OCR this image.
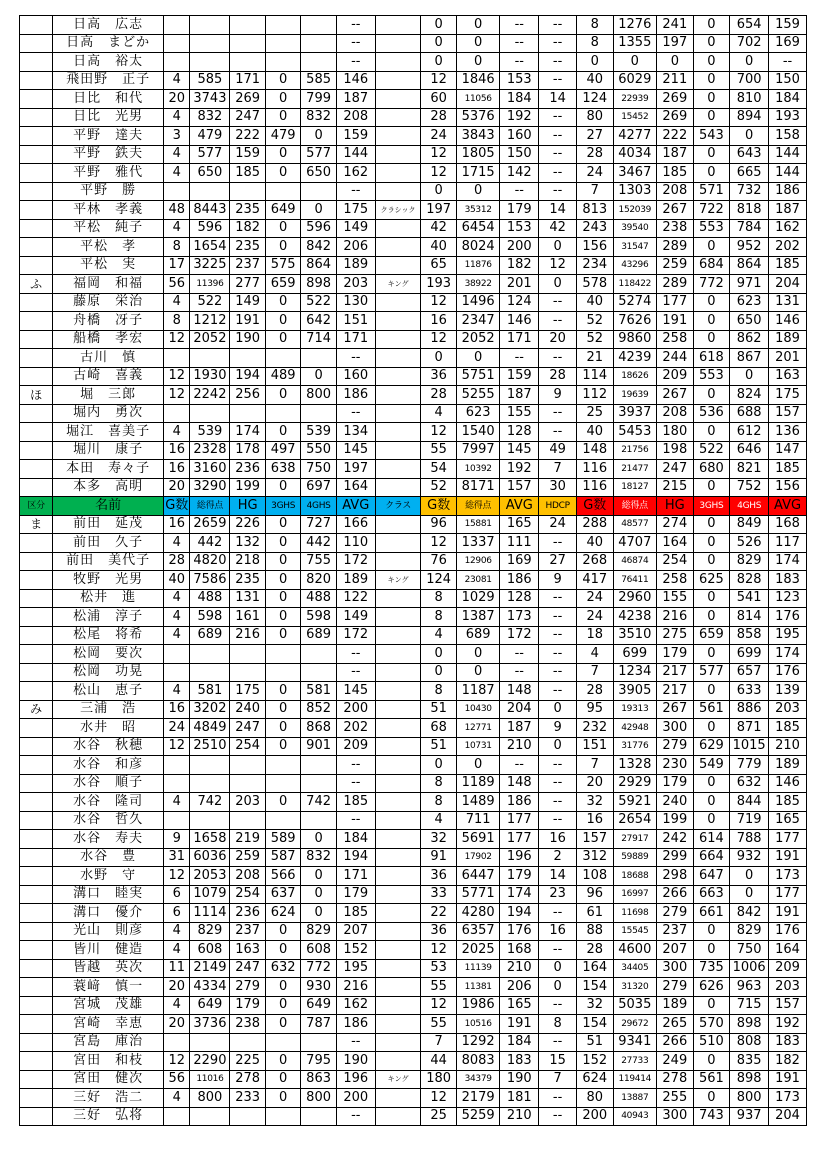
	日高　広志						--		0	0	--	--	8	1276	241	0	654	159
	日高　まどか						--		0	0	--	--	8	1355	197	0	702	169
	日高　裕太						--		0	0	--	--	0	0	0	0	0	--
	飛田野　正子	4	585	171	0	585	146		12	1846	153	--	40	6029	211	0	700	150
	日比　和代	20	3743	269	0	799	187		60	11056	184	14	124	22939	269	0	810	184
	日比　光男	4	832	247	0	832	208		28	5376	192	--	80	15452	269	0	894	193
	平野　達夫	3	479	222	479	0	159		24	3843	160	--	27	4277	222	543	0	158
	平野　鉄夫	4	577	159	0	577	144		12	1805	150	--	28	4034	187	0	643	144
	平野　雅代	4	650	185	0	650	162		12	1715	142	--	24	3467	185	0	665	144
	平野　勝						--		0	0	--	--	7	1303	208	571	732	186
	平林　孝義	48	8443	235	649	0	175	クラシック	197	35312	179	14	813	152039	267	722	818	187
	平松　純子	4	596	182	0	596	149		42	6454	153	42	243	39540	238	553	784	162
	平松　孝	8	1654	235	0	842	206		40	8024	200	0	156	31547	289	0	952	202
	平松　実	17	3225	237	575	864	189		65	11876	182	12	234	43296	259	684	864	185
ふ	福岡　和福	56	11396	277	659	898	203	キング	193	38922	201	0	578	118422	289	772	971	204
	藤原　栄治	4	522	149	0	522	130		12	1496	124	--	40	5274	177	0	623	131
	舟橋　冴子	8	1212	191	0	642	151		16	2347	146	--	52	7626	191	0	650	146
	船橋　孝宏	12	2052	190	0	714	171		12	2052	171	20	52	9860	258	0	862	189
	古川　慎						--		0	0	--	--	21	4239	244	618	867	201
	古崎　喜義	12	1930	194	489	0	160		36	5751	159	28	114	18626	209	553	0	163
ほ	堀　三郎	12	2242	256	0	800	186		28	5255	187	9	112	19639	267	0	824	175
	堀内　勇次						--		4	623	155	--	25	3937	208	536	688	157
	堀江　喜美子	4	539	174	0	539	134		12	1540	128	--	40	5453	180	0	612	136
	堀川　康子	16	2328	178	497	550	145		55	7997	145	49	148	21756	198	522	646	147
	本田　寿々子	16	3160	236	638	750	197		54	10392	192	7	116	21477	247	680	821	185
	本多　高明	20	3290	199	0	697	164		52	8171	157	30	116	18127	215	0	752	156
区分	名前	G数	総得点	HG	3GHS	4GHS	AVG	クラス	G数	総得点	AVG	HDCP	G数	総得点	HG	3GHS	4GHS	AVG
ま	前田　延茂	16	2659	226	0	727	166		96	15881	165	24	288	48577	274	0	849	168
	前田　久子	4	442	132	0	442	110		12	1337	111	--	40	4707	164	0	526	117
	前田　美代子	28	4820	218	0	755	172		76	12906	169	27	268	46874	254	0	829	174
	牧野　光男	40	7586	235	0	820	189	キング	124	23081	186	9	417	76411	258	625	828	183
	松井　進	4	488	131	0	488	122		8	1029	128	--	24	2960	155	0	541	123
	松浦　淳子	4	598	161	0	598	149		8	1387	173	--	24	4238	216	0	814	176
	松尾　将希	4	689	216	0	689	172		4	689	172	--	18	3510	275	659	858	195
	松岡　要次						--		0	0	--	--	4	699	179	0	699	174
	松岡　功晃						--		0	0	--	--	7	1234	217	577	657	176
	松山　恵子	4	581	175	0	581	145		8	1187	148	--	28	3905	217	0	633	139
み	三浦　浩	16	3202	240	0	852	200		51	10430	204	0	95	19313	267	561	886	203
	水井　昭	24	4849	247	0	868	202		68	12771	187	9	232	42948	300	0	871	185
	水谷　秋穂	12	2510	254	0	901	209		51	10731	210	0	151	31776	279	629	1015	210
	水谷　和彦						--		0	0	--	--	7	1328	230	549	779	189
	水谷　順子						--		8	1189	148	--	20	2929	179	0	632	146
	水谷　隆司	4	742	203	0	742	185		8	1489	186	--	32	5921	240	0	844	185
	水谷　哲久						--		4	711	177	--	16	2654	199	0	719	165
	水谷　寿夫	9	1658	219	589	0	184		32	5691	177	16	157	27917	242	614	788	177
	水谷　豊	31	6036	259	587	832	194		91	17902	196	2	312	59889	299	664	932	191
	水野　守	12	2053	208	566	0	171		36	6447	179	14	108	18688	298	647	0	173
	溝口　睦実	6	1079	254	637	0	179		33	5771	174	23	96	16997	266	663	0	177
	溝口　優介	6	1114	236	624	0	185		22	4280	194	--	61	11698	279	661	842	191
	光山　則彦	4	829	237	0	829	207		36	6357	176	16	88	15545	237	0	829	176
	皆川　健造	4	608	163	0	608	152		12	2025	168	--	28	4600	207	0	750	164
	皆越　英次	11	2149	247	632	772	195		53	11139	210	0	164	34405	300	735	1006	209
	蓑﨑　慎一	20	4334	279	0	930	216		55	11381	206	0	154	31320	279	626	963	203
	宮城　茂雄	4	649	179	0	649	162		12	1986	165	--	32	5035	189	0	715	157
	宮崎　幸恵	20	3736	238	0	787	186		55	10516	191	8	154	29672	265	570	898	192
	宮島　庫治						--		7	1292	184	--	51	9341	266	510	808	183
	宮田　和枝	12	2290	225	0	795	190		44	8083	183	15	152	27733	249	0	835	182
	宮田　健次	56	11016	278	0	863	196	キング	180	34379	190	7	624	119414	278	561	898	191
	三好　浩二	4	800	233	0	800	200		12	2179	181	--	80	13887	255	0	800	173
	三好　弘将						--		25	5259	210	--	200	40943	300	743	937	204
